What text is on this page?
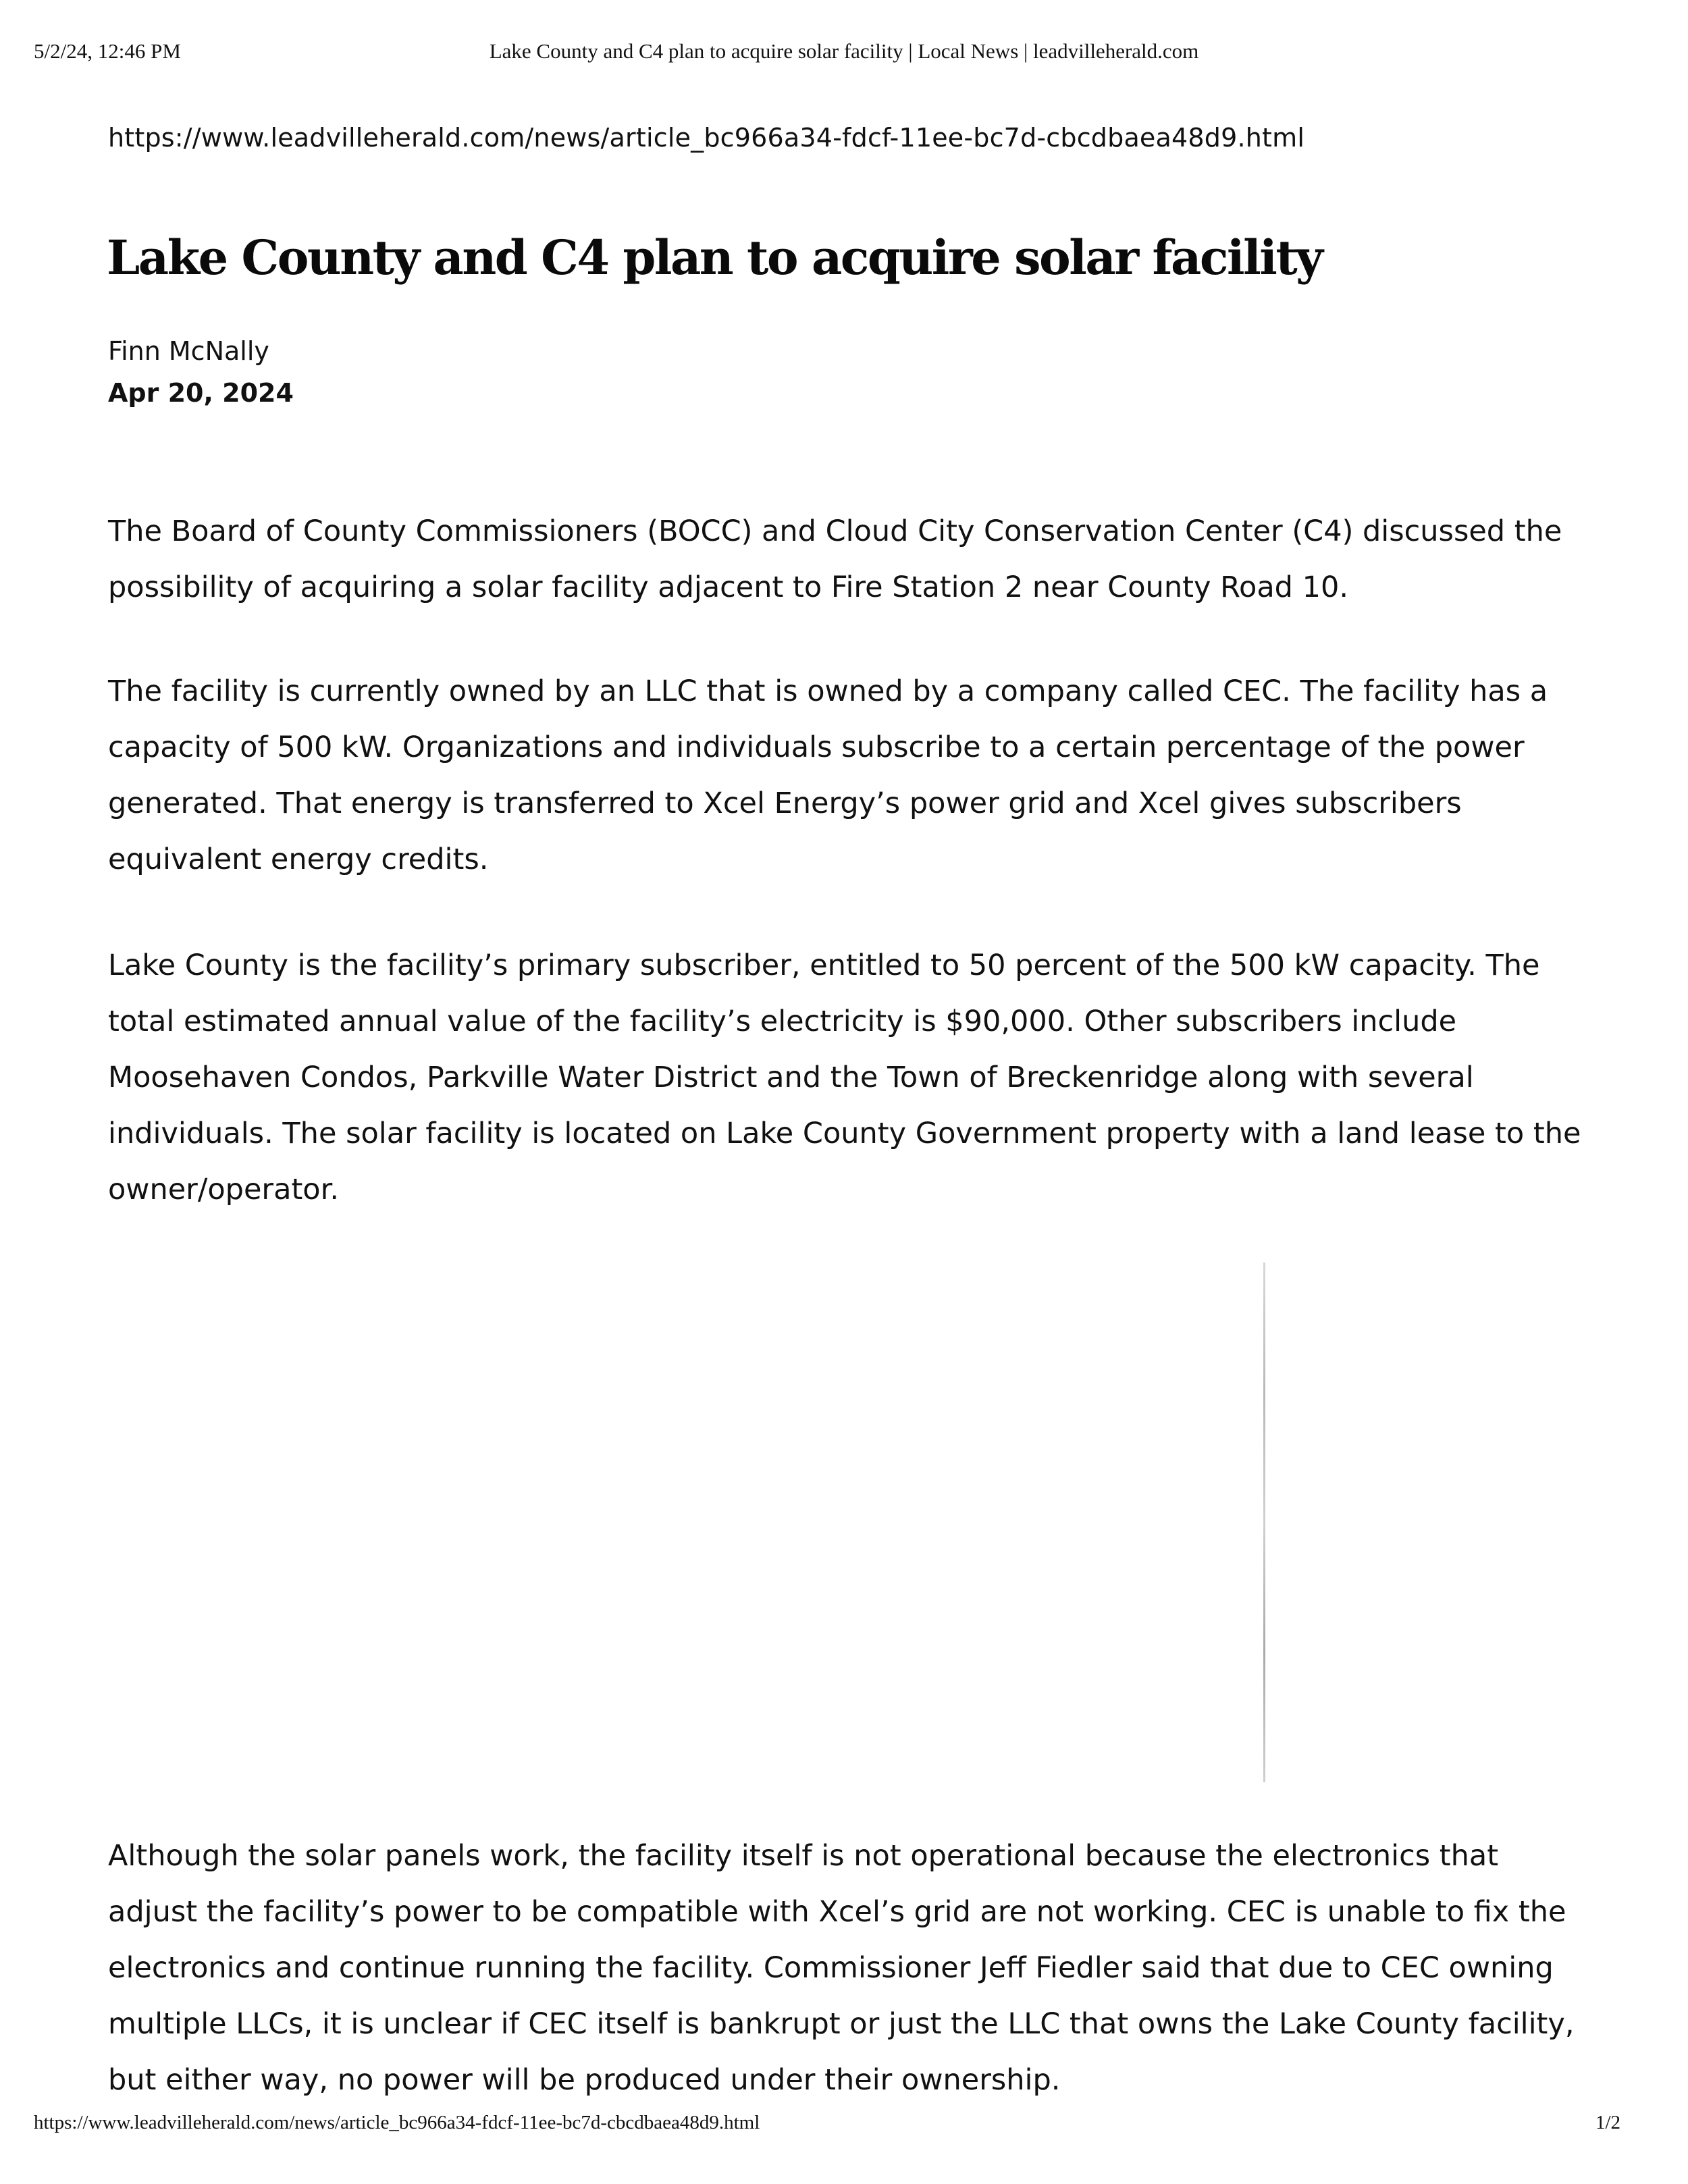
5/2/24, 12:46 PM	Lake County and C4 plan to acquire solar facility | Local News | leadvilleherald.com
https://www.leadvilleherald.com/news/article_bc966a34-fdcf-11ee-bc7d-cbcdbaea48d9.html
Lake County and C4 plan to acquire solar facility
Finn McNally
Apr 20, 2024

The Board of County Commissioners (BOCC) and Cloud City Conservation Center (C4) discussed the possibility of acquiring a solar facility adjacent to Fire Station 2 near County Road 10.

The facility is currently owned by an LLC that is owned by a company called CEC. The facility has a capacity of 500 kW. Organizations and individuals subscribe to a certain percentage of the power generated. That energy is transferred to Xcel Energy’s power grid and Xcel gives subscribers equivalent energy credits.

Lake County is the facility’s primary subscriber, entitled to 50 percent of the 500 kW capacity. The total estimated annual value of the facility’s electricity is $90,000. Other subscribers include Moosehaven Condos, Parkville Water District and the Town of Breckenridge along with several individuals. The solar facility is located on Lake County Government property with a land lease to the owner/operator.

Although the solar panels work, the facility itself is not operational because the electronics that adjust the facility’s power to be compatible with Xcel’s grid are not working. CEC is unable to fix the electronics and continue running the facility. Commissioner Jeff Fiedler said that due to CEC owning multiple LLCs, it is unclear if CEC itself is bankrupt or just the LLC that owns the Lake County facility, but either way, no power will be produced under their ownership.

https://www.leadvilleherald.com/news/article_bc966a34-fdcf-11ee-bc7d-cbcdbaea48d9.html	1/2
